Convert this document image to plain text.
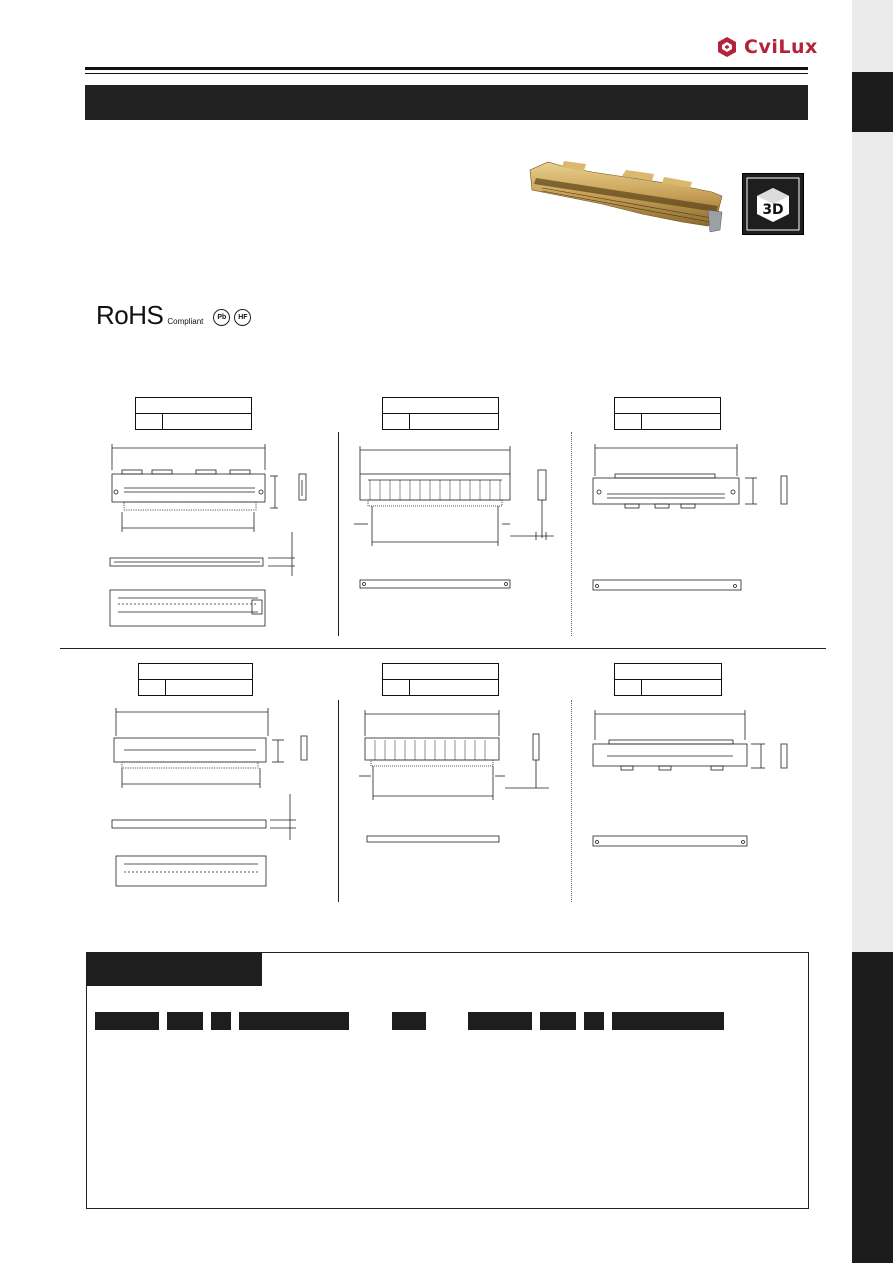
CviLux
3D
RoHS Compliant Pb HF
